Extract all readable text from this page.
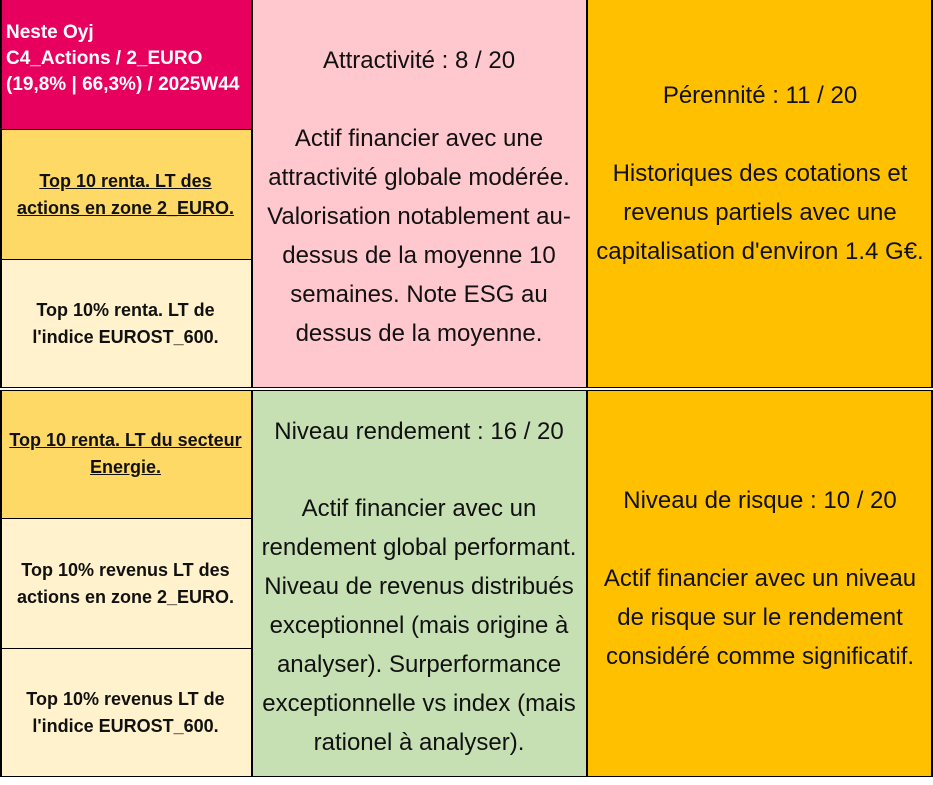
Neste Oyj
C4_Actions / 2_EURO
(19,8% | 66,3%) / 2025W44
Top 10 renta. LT des actions en zone 2_EURO.
Top 10% renta. LT de l'indice EUROST_600.
Top 10 renta. LT du secteur Energie.
Top 10% revenus LT des actions en zone 2_EURO.
Top 10% revenus LT de l'indice EUROST_600.
Attractivité : 8 / 20
Actif financier avec une attractivité globale modérée. Valorisation notablement au-dessus de la moyenne 10 semaines. Note ESG au dessus de la moyenne.
Pérennité : 11 / 20
Historiques des cotations et revenus partiels avec une capitalisation d'environ 1.4 G€.
Niveau rendement : 16 / 20
Actif financier avec un rendement global performant. Niveau de revenus distribués exceptionnel (mais origine à analyser). Surperformance exceptionnelle vs index (mais rationel à analyser).
Niveau de risque : 10 / 20
Actif financier avec un niveau de risque sur le rendement considéré comme significatif.
